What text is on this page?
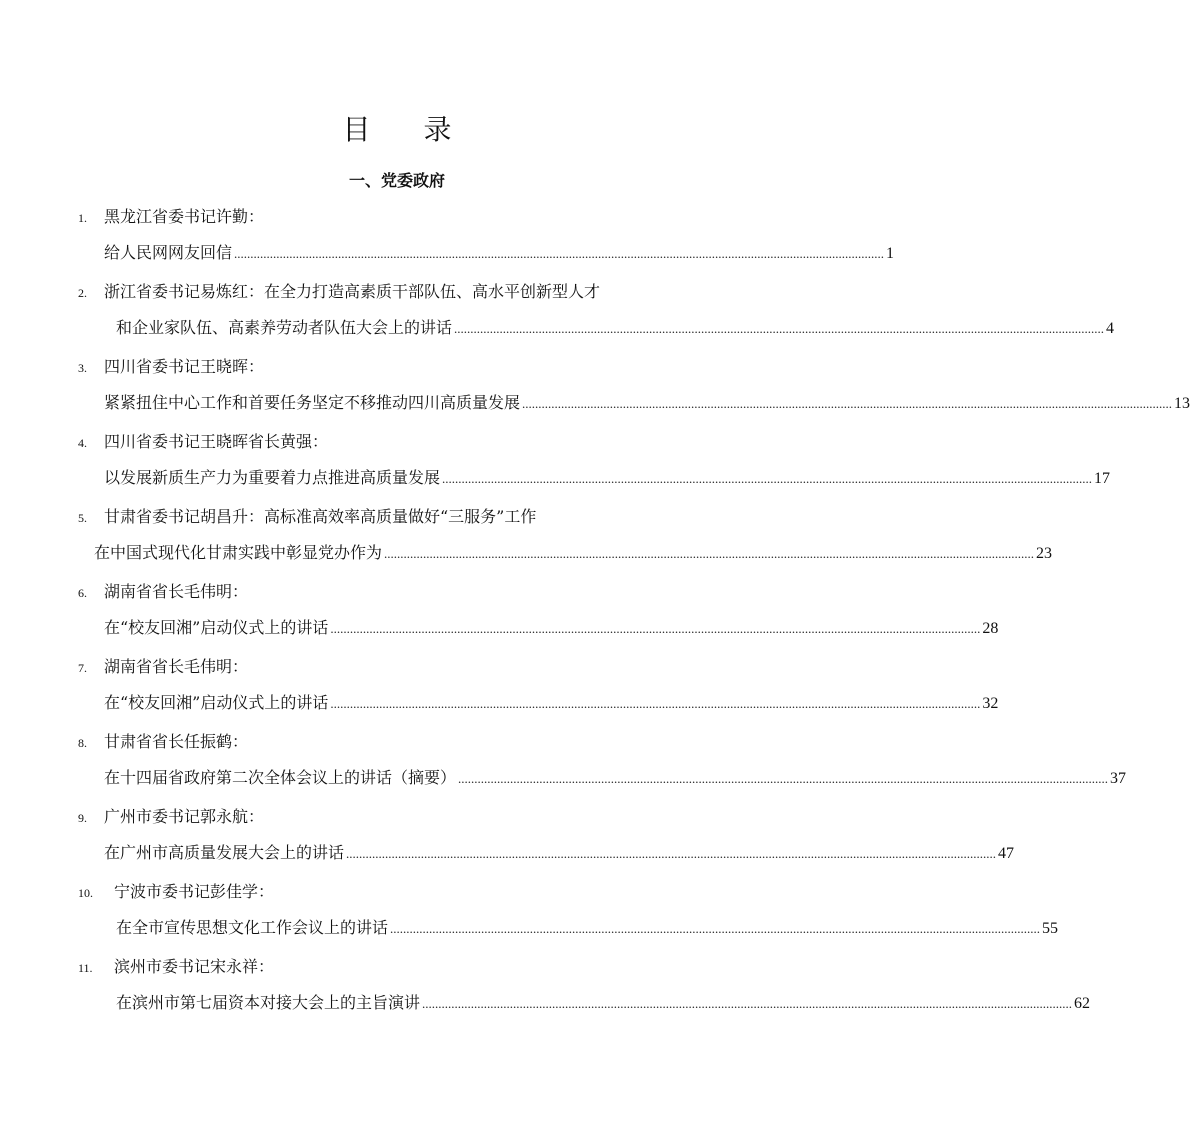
目 录
一、党委政府
1. 黑龙江省委书记许勤：
给人民网网友回信 ........................................................................................................................................................................................................ 1
2. 浙江省委书记易炼红：在全力打造高素质干部队伍、高水平创新型人才
和企业家队伍、高素养劳动者队伍大会上的讲话 ........................................................................................................................................................................................................ 4
3. 四川省委书记王晓晖：
紧紧扭住中心工作和首要任务坚定不移推动四川高质量发展 ........................................................................................................................................................................................................ 13
4. 四川省委书记王晓晖省长黄强：
以发展新质生产力为重要着力点推进高质量发展 ........................................................................................................................................................................................................ 17
5. 甘肃省委书记胡昌升：高标准高效率高质量做好“三服务”工作
在中国式现代化甘肃实践中彰显党办作为 ........................................................................................................................................................................................................ 23
6. 湖南省省长毛伟明：
在“校友回湘”启动仪式上的讲话 ........................................................................................................................................................................................................ 28
7. 湖南省省长毛伟明：
在“校友回湘”启动仪式上的讲话 ........................................................................................................................................................................................................ 32
8. 甘肃省省长任振鹤：
在十四届省政府第二次全体会议上的讲话（摘要） ........................................................................................................................................................................................................ 37
9. 广州市委书记郭永航：
在广州市高质量发展大会上的讲话 ........................................................................................................................................................................................................ 47
10. 宁波市委书记彭佳学：
在全市宣传思想文化工作会议上的讲话 ........................................................................................................................................................................................................ 55
11. 滨州市委书记宋永祥：
在滨州市第七届资本对接大会上的主旨演讲 ........................................................................................................................................................................................................ 62
